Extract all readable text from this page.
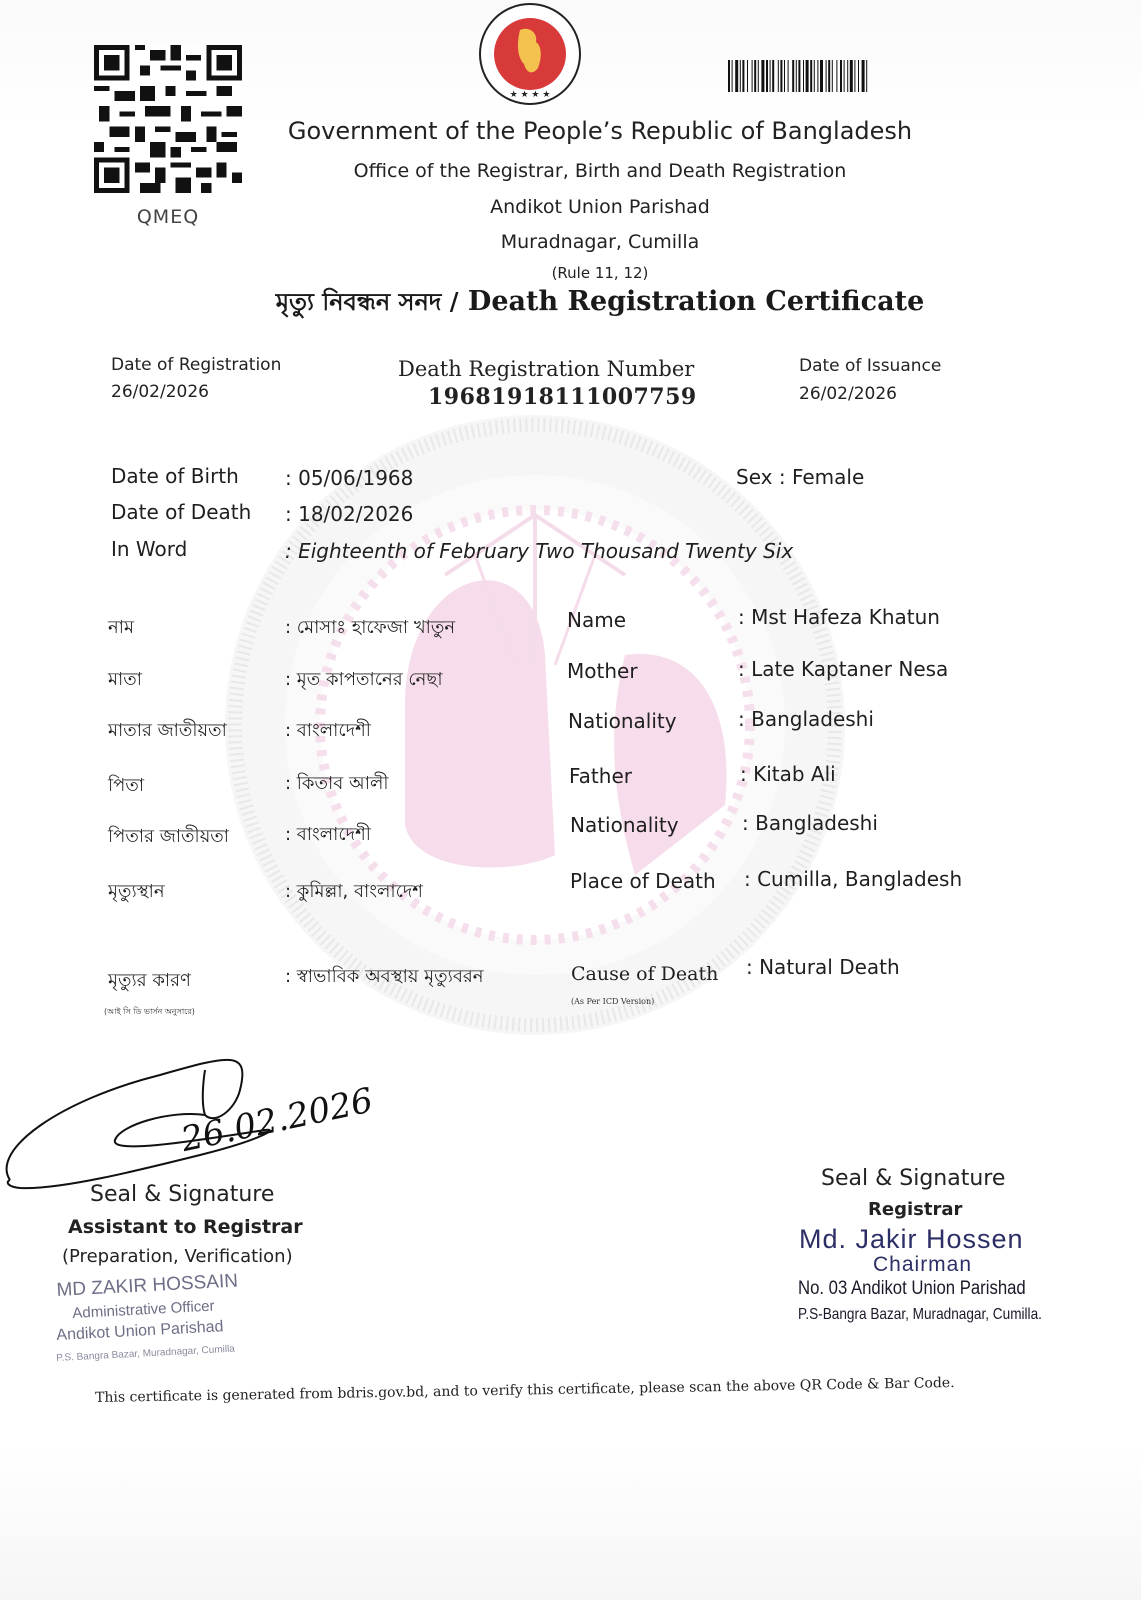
QMEQ
★ ★ ★ ★
Government of the People’s Republic of Bangladesh
Office of the Registrar, Birth and Death Registration
Andikot Union Parishad
Muradnagar, Cumilla
(Rule 11, 12)
মৃত্যু নিবন্ধন সনদ / Death Registration Certificate
Date of Registration
26/02/2026
Death Registration Number
19681918111007759
Date of Issuance
26/02/2026
Date of Birth : 05/06/1968	Sex : Female
Date of Death : 18/02/2026
In Word	: Eighteenth of February Two Thousand Twenty Six
নাম	: মোসাঃ হাফেজা খাতুন
মাতা	: মৃত কাপতানের নেছা
মাতার জাতীয়তা	: বাংলাদেশী
পিতা	: কিতাব আলী
পিতার জাতীয়তা	: বাংলাদেশী
মৃত্যুস্থান	: কুমিল্লা, বাংলাদেশ
মৃত্যুর কারণ	: স্বাভাবিক অবস্থায় মৃত্যুবরন
(আই সি ডি ভার্সন অনুসারে)
Name	: Mst Hafeza Khatun
Mother	: Late Kaptaner Nesa
Nationality	: Bangladeshi
Father	: Kitab Ali
Nationality	: Bangladeshi
Place of Death : Cumilla, Bangladesh
Cause of Death : Natural Death
(As Per ICD Version)
26.02.2026
Seal & Signature
Assistant to Registrar
(Preparation, Verification)
MD ZAKIR HOSSAIN
Administrative Officer
Andikot Union Parishad
P.S. Bangra Bazar, Muradnagar, Cumilla
Seal & Signature
Registrar
Md. Jakir Hossen
Chairman
No. 03 Andikot Union Parishad
P.S-Bangra Bazar, Muradnagar, Cumilla.
This certificate is generated from bdris.gov.bd, and to verify this certificate, please scan the above QR Code & Bar Code.
